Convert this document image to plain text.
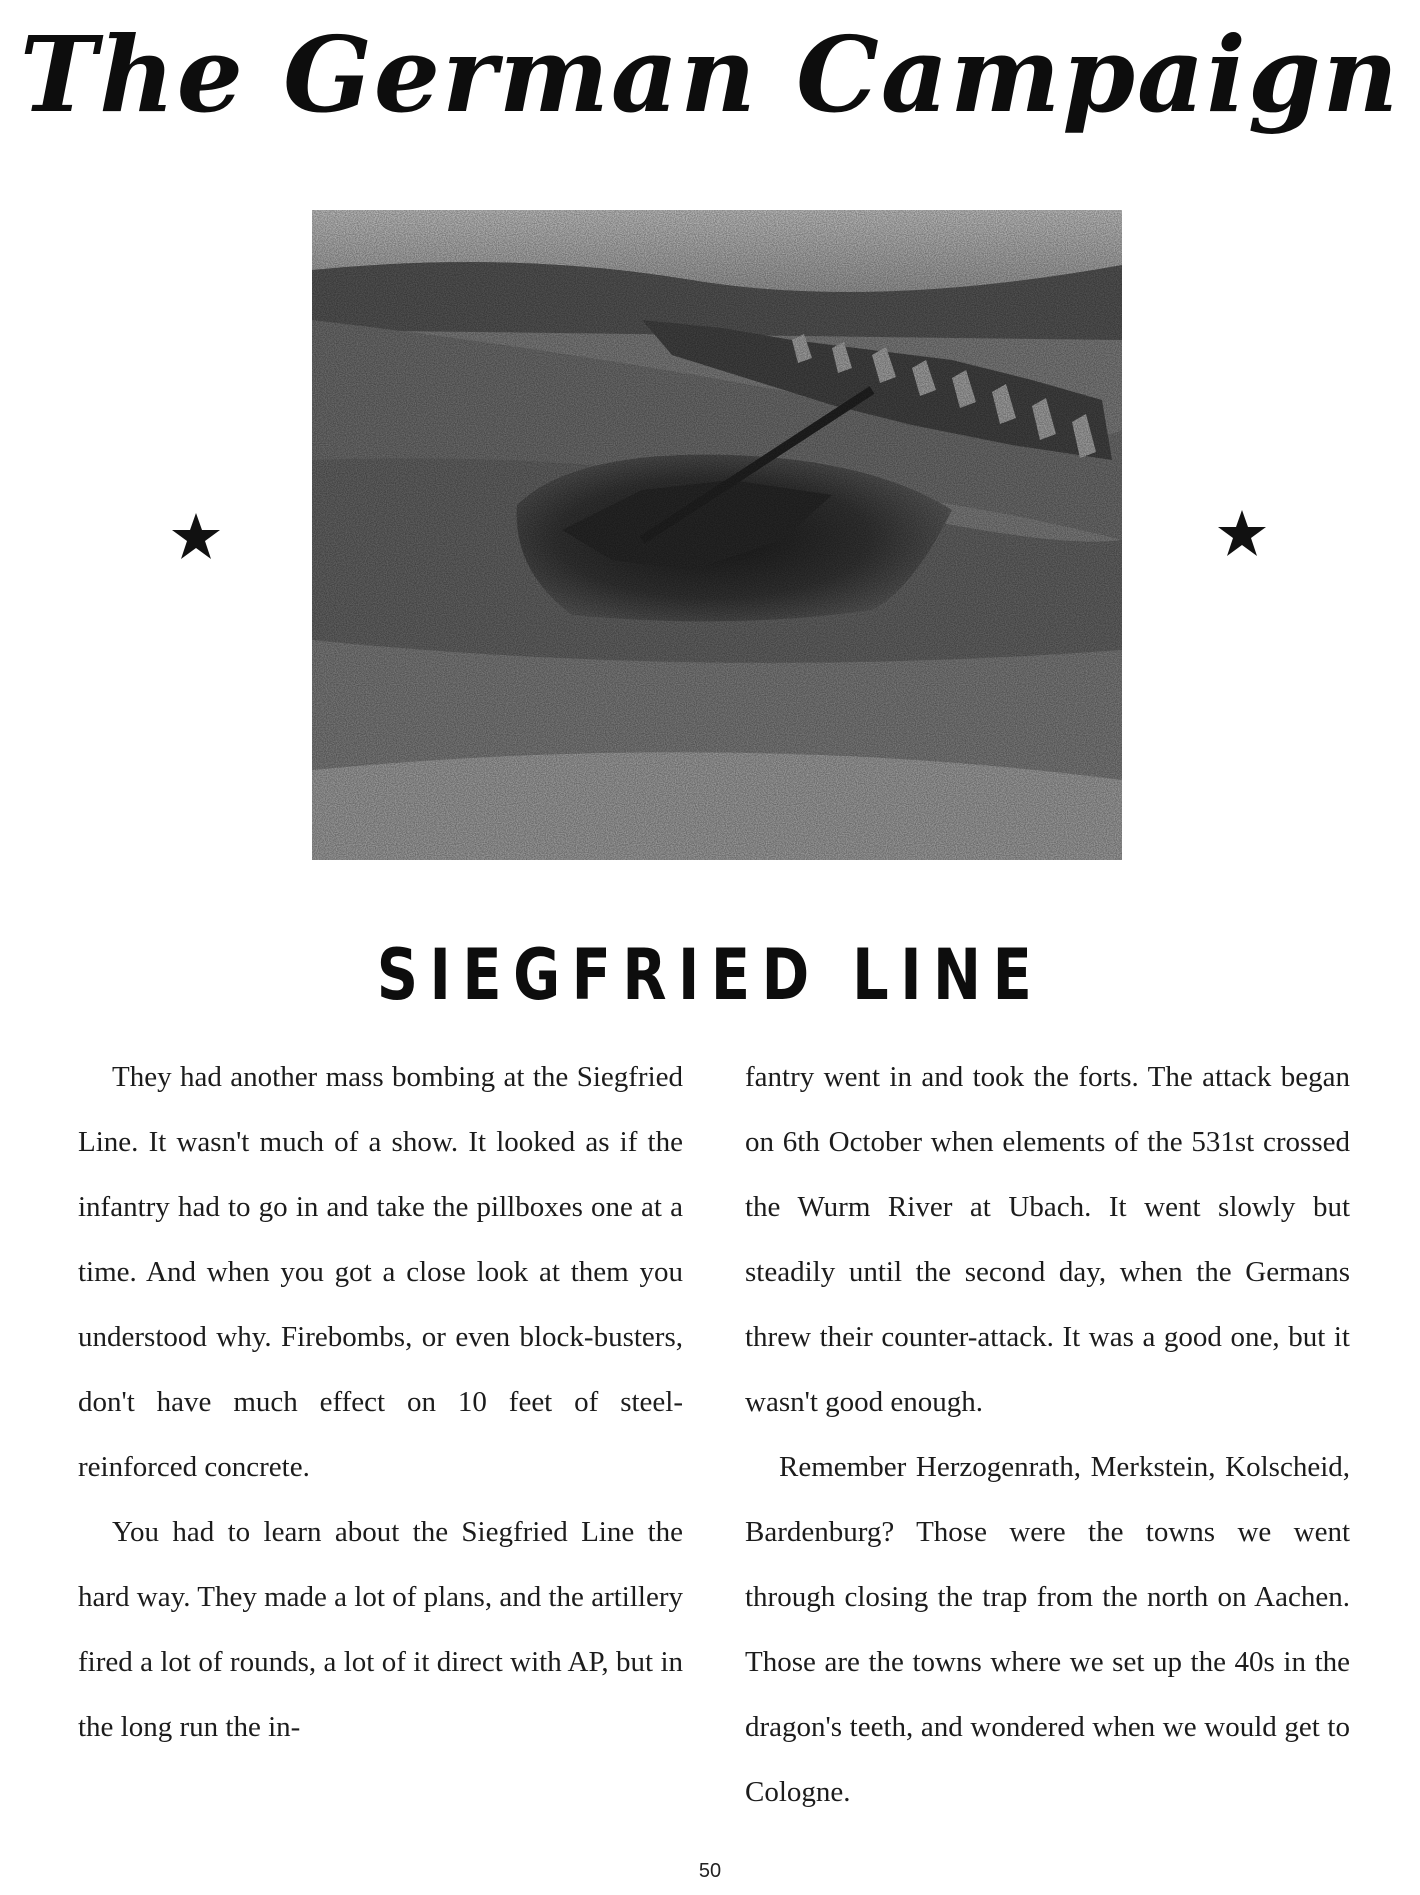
The German Campaign
SIEGFRIED LINE

They had another mass bombing at the Siegfried Line. It wasn't much of a show. It looked as if the infantry had to go in and take the pillboxes one at a time. And when you got a close look at them you understood why. Firebombs, or even block-busters, don't have much effect on 10 feet of steel-reinforced concrete.

You had to learn about the Siegfried Line the hard way. They made a lot of plans, and the artillery fired a lot of rounds, a lot of it direct with AP, but in the long run the in-

fantry went in and took the forts. The attack began on 6th October when elements of the 531st crossed the Wurm River at Ubach. It went slowly but steadily until the second day, when the Germans threw their counter-attack. It was a good one, but it wasn't good enough.

Remember Herzogenrath, Merkstein, Kolscheid, Bardenburg? Those were the towns we went through closing the trap from the north on Aachen. Those are the towns where we set up the 40s in the dragon's teeth, and wondered when we would get to Cologne.

50
